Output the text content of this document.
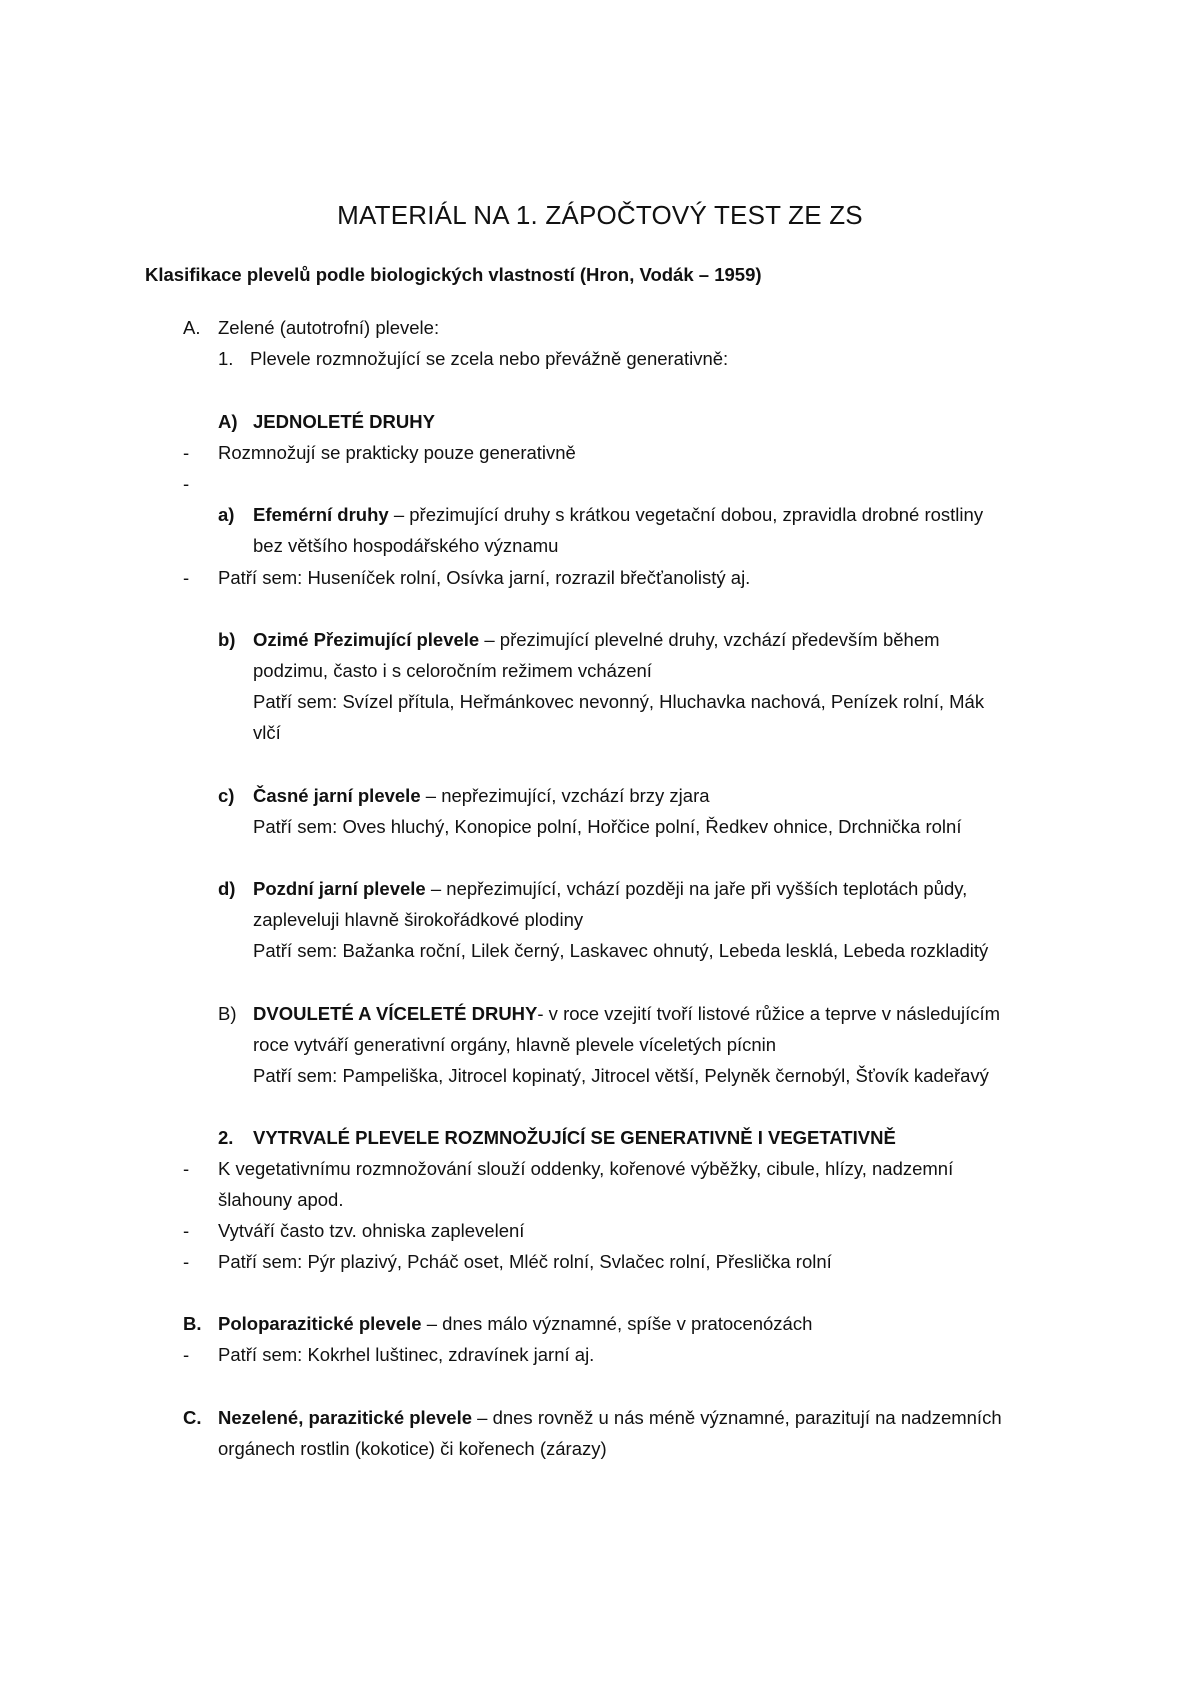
MATERIÁL NA 1. ZÁPOČTOVÝ TEST ZE ZS
Klasifikace plevelů podle biologických vlastností (Hron, Vodák – 1959)
A. Zelené (autotrofní) plevele:
1. Plevele rozmnožující se zcela nebo převážně generativně:
A) JEDNOLETÉ DRUHY
- Rozmnožují se prakticky pouze generativně
-
a) Efemérní druhy – přezimující druhy s krátkou vegetační dobou, zpravidla drobné rostliny
bez většího hospodářského významu
- Patří sem: Huseníček rolní, Osívka jarní, rozrazil břečťanolistý aj.
b) Ozimé Přezimující plevele – přezimující plevelné druhy, vzchází především během
podzimu, často i s celoročním režimem vcházení
Patří sem: Svízel přítula, Heřmánkovec nevonný, Hluchavka nachová, Penízek rolní, Mák
vlčí
c) Časné jarní plevele – nepřezimující, vzchází brzy zjara
Patří sem: Oves hluchý, Konopice polní, Hořčice polní, Ředkev ohnice, Drchnička rolní
d) Pozdní jarní plevele – nepřezimující, vchází později na jaře při vyšších teplotách půdy,
zapleveluji hlavně širokořádkové plodiny
Patří sem: Bažanka roční, Lilek černý, Laskavec ohnutý, Lebeda lesklá, Lebeda rozkladitý
B) DVOULETÉ A VÍCELETÉ DRUHY- v roce vzejití tvoří listové růžice a teprve v následujícím
roce vytváří generativní orgány, hlavně plevele víceletých pícnin
Patří sem: Pampeliška, Jitrocel kopinatý, Jitrocel větší, Pelyněk černobýl, Šťovík kadeřavý
2. VYTRVALÉ PLEVELE ROZMNOŽUJÍCÍ SE GENERATIVNĚ I VEGETATIVNĚ
- K vegetativnímu rozmnožování slouží oddenky, kořenové výběžky, cibule, hlízy, nadzemní
šlahouny apod.
- Vytváří často tzv. ohniska zaplevelení
- Patří sem: Pýr plazivý, Pcháč oset, Mléč rolní, Svlačec rolní, Přeslička rolní
B. Poloparazitické plevele – dnes málo významné, spíše v pratocenózách
- Patří sem: Kokrhel luštinec, zdravínek jarní aj.
C. Nezelené, parazitické plevele – dnes rovněž u nás méně významné, parazitují na nadzemních
orgánech rostlin (kokotice) či kořenech (zárazy)
